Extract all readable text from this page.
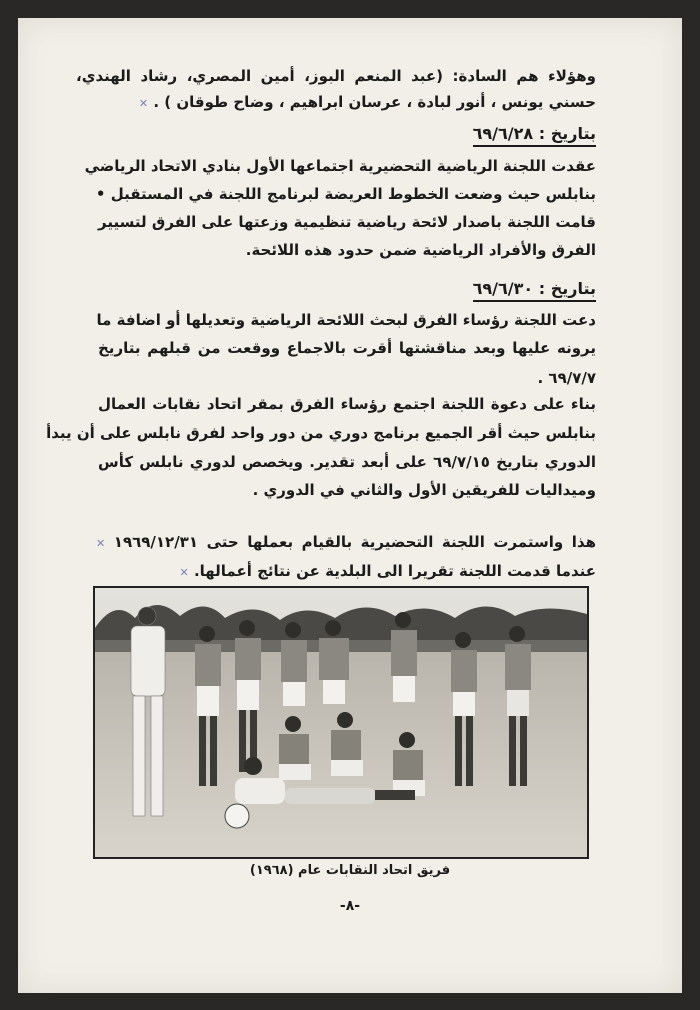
وهؤلاء هم السادة: (عبد المنعم البوز، أمين المصري، رشاد الهندي،
حسني يونس ، أنور لبادة ، عرسان ابراهيم ، وضاح طوقان ) . ✕
بتاريخ : ٦٩/٦/٢٨
عقدت اللجنة الرياضية التحضيرية اجتماعها الأول بنادي الاتحاد الرياضي
بنابلس حيث وضعت الخطوط العريضة لبرنامج اللجنة في المستقبل •
قامت اللجنة باصدار لائحة رياضية تنظيمية وزعتها على الفرق لتسيير
الفرق والأفراد الرياضية ضمن حدود هذه اللائحة.
بتاريخ : ٦٩/٦/٣٠
دعت اللجنة رؤساء الفرق لبحث اللائحة الرياضية وتعديلها أو اضافة ما
يرونه عليها وبعد مناقشتها أقرت بالاجماع ووقعت من قبلهم بتاريخ
٦٩/٧/٧ .
بناء على دعوة اللجنة اجتمع رؤساء الفرق بمقر اتحاد نقابات العمال
بنابلس حيث أقر الجميع برنامج دوري من دور واحد لفرق نابلس على أن يبدأ
الدوري بتاريخ ٦٩/٧/١٥ على أبعد تقدير. ويخصص لدوري نابلس كأس
وميداليات للفريقين الأول والثاني في الدوري .
هذا واستمرت اللجنة التحضيرية بالقيام بعملها حتى ١٩٦٩/١٢/٣١ ✕
عندما قدمت اللجنة تقريرا الى البلدية عن نتائج أعمالها. ✕
فريق اتحاد النقابات عام (١٩٦٨)
-٨-
